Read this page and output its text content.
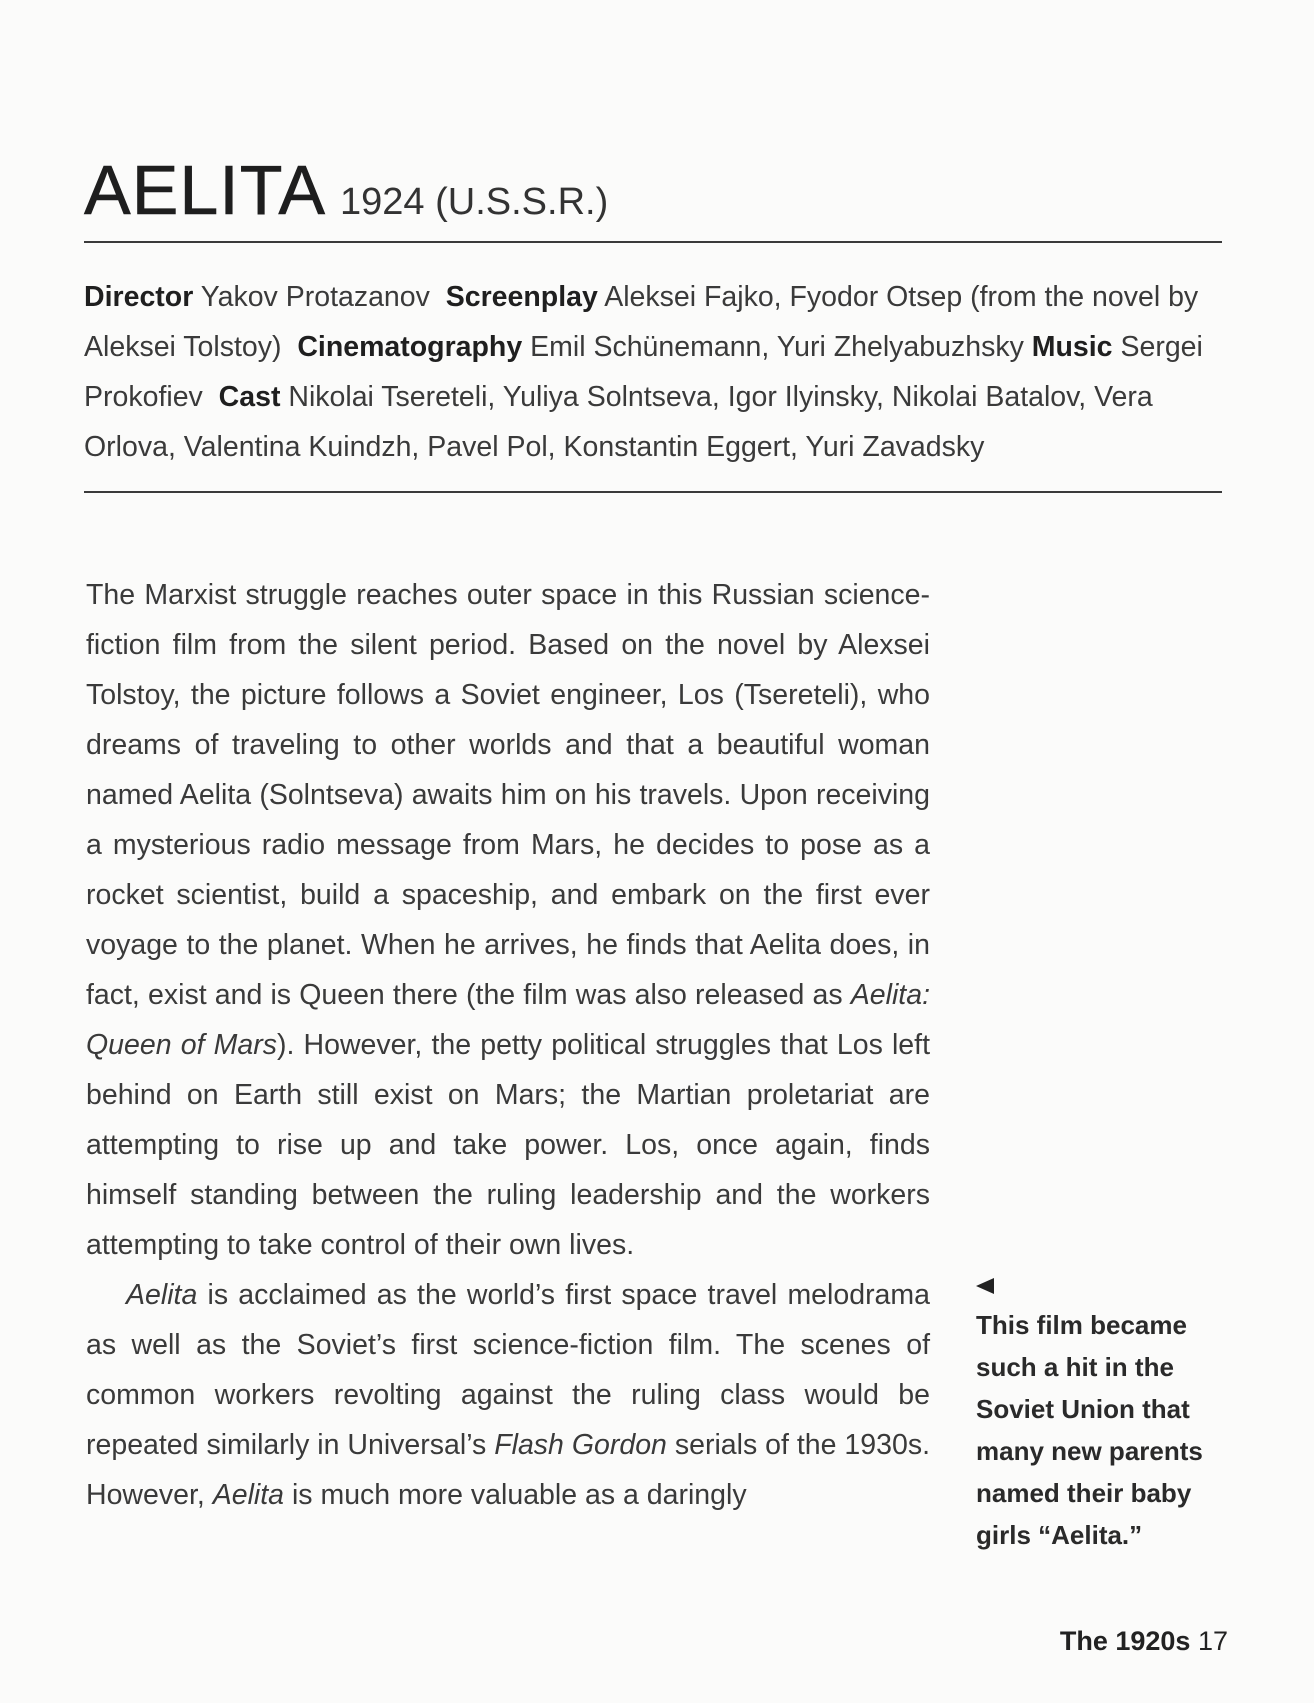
AELITA 1924 (U.S.S.R.)
Director Yakov Protazanov Screenplay Aleksei Fajko, Fyodor Otsep (from the novel by Aleksei Tolstoy) Cinematography Emil Schünemann, Yuri Zhelyabuzhsky Music Sergei Prokofiev Cast Nikolai Tsereteli, Yuliya Solntseva, Igor Ilyinsky, Nikolai Batalov, Vera Orlova, Valentina Kuindzh, Pavel Pol, Konstantin Eggert, Yuri Zavadsky

The Marxist struggle reaches outer space in this Russian science-fiction film from the silent period. Based on the novel by Alexsei Tolstoy, the picture follows a Soviet engineer, Los (Tsereteli), who dreams of traveling to other worlds and that a beautiful woman named Aelita (Solntseva) awaits him on his travels. Upon receiving a mysterious radio message from Mars, he decides to pose as a rocket scientist, build a spaceship, and embark on the first ever voyage to the planet. When he arrives, he finds that Aelita does, in fact, exist and is Queen there (the film was also released as Aelita: Queen of Mars). However, the petty political struggles that Los left behind on Earth still exist on Mars; the Martian proletariat are attempting to rise up and take power. Los, once again, finds himself standing between the ruling leadership and the workers attempting to take control of their own lives.

Aelita is acclaimed as the world’s first space travel melodrama as well as the Soviet’s first science-fiction film. The scenes of common workers revolting against the ruling class would be repeated similarly in Universal’s Flash Gordon serials of the 1930s. However, Aelita is much more valuable as a daringly

This film became such a hit in the Soviet Union that many new parents named their baby girls “Aelita.”
The 1920s 17
